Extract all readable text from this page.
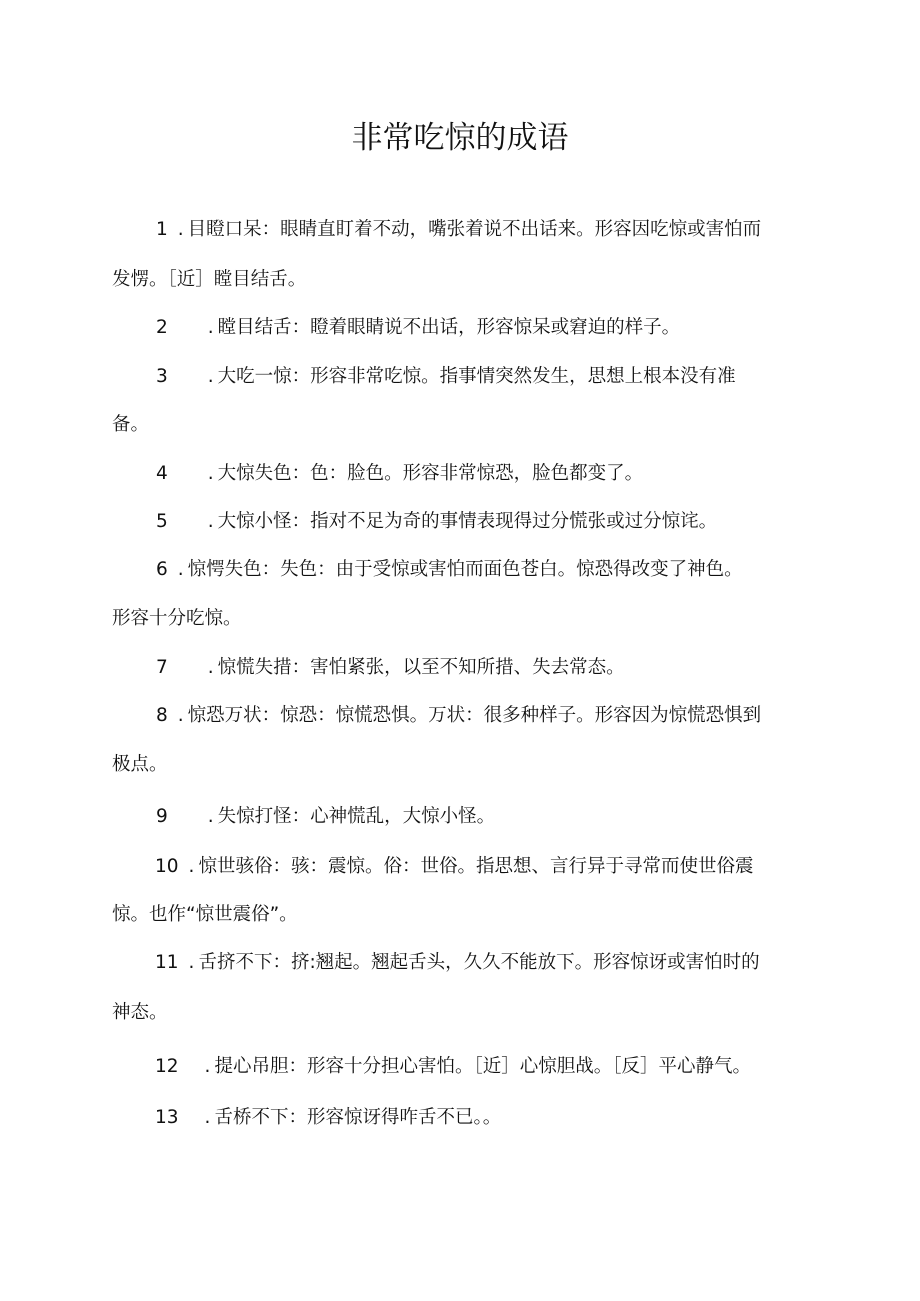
非常吃惊的成语
1 . 目瞪口呆：眼睛直盯着不动，嘴张着说不出话来。形容因吃惊或害怕而
发愣。［近］瞠目结舌。
2 . 瞠目结舌：瞪着眼睛说不出话，形容惊呆或窘迫的样子。
3 . 大吃一惊：形容非常吃惊。指事情突然发生，思想上根本没有准
备。
4 . 大惊失色：色：脸色。形容非常惊恐，脸色都变了。
5 . 大惊小怪：指对不足为奇的事情表现得过分慌张或过分惊诧。
6 . 惊愕失色：失色：由于受惊或害怕而面色苍白。惊恐得改变了神色。
形容十分吃惊。
7 . 惊慌失措：害怕紧张，以至不知所措、失去常态。
8 . 惊恐万状：惊恐：惊慌恐惧。万状：很多种样子。形容因为惊慌恐惧到
极点。
9 . 失惊打怪：心神慌乱，大惊小怪。
10 . 惊世骇俗：骇：震惊。俗：世俗。指思想、言行异于寻常而使世俗震
惊。也作“惊世震俗”。
11 . 舌挤不下：挤:翘起。翘起舌头，久久不能放下。形容惊讶或害怕时的
神态。
12 . 提心吊胆：形容十分担心害怕。［近］心惊胆战。［反］平心静气。
13 . 舌桥不下：形容惊讶得咋舌不已。。
